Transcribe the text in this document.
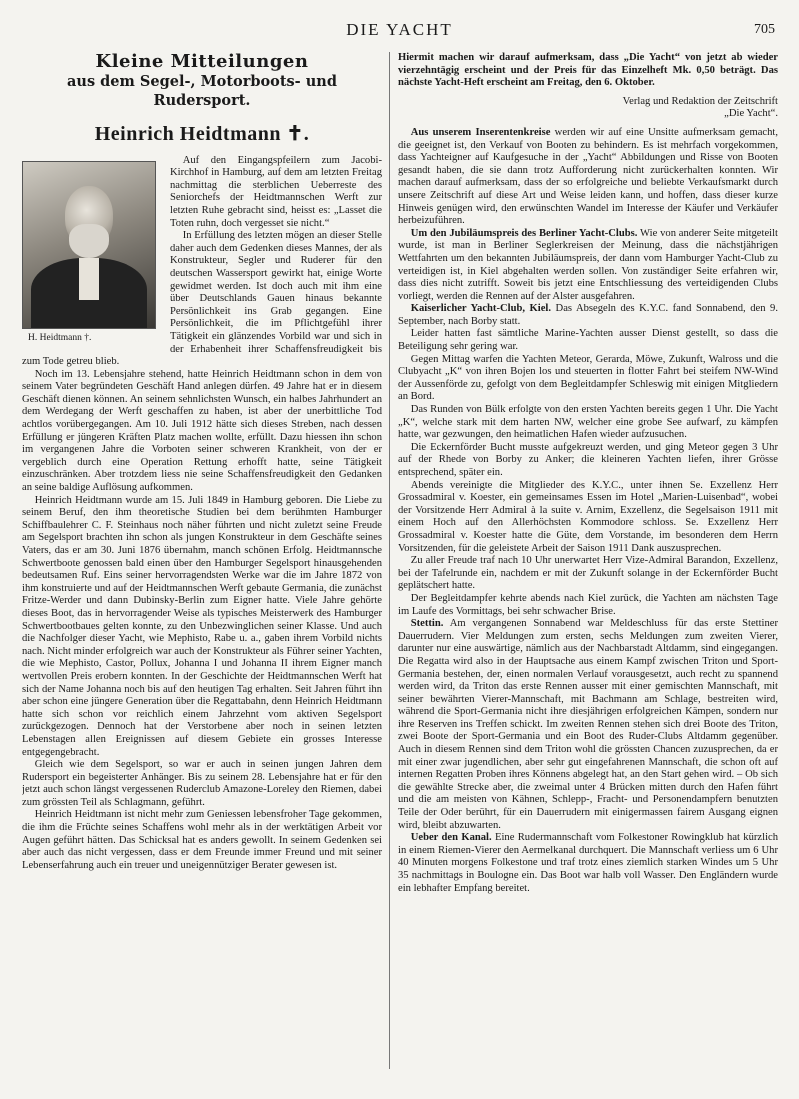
DIE YACHT	705
Kleine Mitteilungen
aus dem Segel-, Motorboots- und Rudersport.
Heinrich Heidtmann ✝.
H. Heidtmann †.

Auf den Eingangspfeilern zum Jacobi-Kirchhof in Hamburg, auf dem am letzten Freitag nachmittag die sterblichen Ueberreste des Seniorchefs der Heidtmannschen Werft zur letzten Ruhe gebracht sind, heisst es: „Lasset die Toten ruhn, doch vergesset sie nicht.“

In Erfüllung des letzten mögen an dieser Stelle daher auch dem Gedenken dieses Mannes, der als Konstrukteur, Segler und Ruderer für den deutschen Wassersport gewirkt hat, einige Worte gewidmet werden. Ist doch auch mit ihm eine über Deutschlands Gauen hinaus bekannte Persönlichkeit ins Grab gegangen. Eine Persönlichkeit, die im Pflichtgefühl ihrer Tätigkeit ein glänzendes Vorbild war und sich in der Erhabenheit ihrer Schaffensfreudigkeit bis zum Tode getreu blieb.

Noch im 13. Lebensjahre stehend, hatte Heinrich Heidtmann schon in dem von seinem Vater begründeten Geschäft Hand anlegen dürfen. 49 Jahre hat er in diesem Geschäft dienen können. An seinem sehnlichsten Wunsch, ein halbes Jahrhundert an dem Werdegang der Werft geschaffen zu haben, ist aber der unerbittliche Tod achtlos vorübergegangen. Am 10. Juli 1912 hätte sich dieses Streben, nach dessen Erfüllung er jüngeren Kräften Platz machen wollte, erfüllt. Dazu hiessen ihn schon im vergangenen Jahre die Vorboten seiner schweren Krankheit, von der er vergeblich durch eine Operation Rettung erhofft hatte, seine Tätigkeit einzuschränken. Aber trotzdem liess nie seine Schaffensfreudigkeit den Gedanken an seine baldige Auflösung aufkommen.

Heinrich Heidtmann wurde am 15. Juli 1849 in Hamburg geboren. Die Liebe zu seinem Beruf, den ihm theoretische Studien bei dem berühmten Hamburger Schiffbaulehrer C. F. Steinhaus noch näher führten und nicht zuletzt seine Freude am Segelsport brachten ihn schon als jungen Konstrukteur in dem Geschäfte seines Vaters, das er am 30. Juni 1876 übernahm, manch schönen Erfolg. Heidtmannsche Schwertboote genossen bald einen über den Hamburger Segelsport hinausgehenden bedeutsamen Ruf. Eins seiner hervorragendsten Werke war die im Jahre 1872 von ihm konstruierte und auf der Heidtmannschen Werft gebaute Germania, die zunächst Fritze-Werder und dann Dubinsky-Berlin zum Eigner hatte. Viele Jahre gehörte dieses Boot, das in hervorragender Weise als typisches Meisterwerk des Hamburger Schwertbootbaues gelten konnte, zu den Unbezwinglichen seiner Klasse. Und auch die Nachfolger dieser Yacht, wie Mephisto, Rabe u. a., gaben ihrem Vorbild nichts nach. Nicht minder erfolgreich war auch der Konstrukteur als Führer seiner Yachten, die wie Mephisto, Castor, Pollux, Johanna I und Johanna II ihrem Eigner manch wertvollen Preis erobern konnten. In der Geschichte der Heidtmannschen Werft hat sich der Name Johanna noch bis auf den heutigen Tag erhalten. Seit Jahren führt ihn aber schon eine jüngere Generation über die Regattabahn, denn Heinrich Heidtmann hatte sich schon vor reichlich einem Jahrzehnt vom aktiven Segelsport zurückgezogen. Dennoch hat der Verstorbene aber noch in seinen letzten Lebenstagen allen Ereignissen auf diesem Gebiete ein grosses Interesse entgegengebracht.

Gleich wie dem Segelsport, so war er auch in seinen jungen Jahren dem Rudersport ein begeisterter Anhänger. Bis zu seinem 28. Lebensjahre hat er für den jetzt auch schon längst vergessenen Ruderclub Amazone-Loreley den Riemen, dabei zum grössten Teil als Schlagmann, geführt.

Heinrich Heidtmann ist nicht mehr zum Geniessen lebensfroher Tage gekommen, die ihm die Früchte seines Schaffens wohl mehr als in der werktätigen Arbeit vor Augen geführt hätten. Das Schicksal hat es anders gewollt. In seinem Gedenken sei aber auch das nicht vergessen, dass er dem Freunde immer Freund und mit seiner Lebenserfahrung auch ein treuer und uneigennütziger Berater gewesen ist.

Hiermit machen wir darauf aufmerksam, dass „Die Yacht“ von jetzt ab wieder vierzehntägig erscheint und der Preis für das Einzelheft Mk. 0,50 beträgt. Das nächste Yacht-Heft erscheint am Freitag, den 6. Oktober.

Verlag und Redaktion der Zeitschrift
„Die Yacht“.

Aus unserem Inserentenkreise werden wir auf eine Unsitte aufmerksam gemacht, die geeignet ist, den Verkauf von Booten zu behindern. Es ist mehrfach vorgekommen, dass Yachteigner auf Kaufgesuche in der „Yacht“ Abbildungen und Risse von Booten gesandt haben, die sie dann trotz Aufforderung nicht zurückerhalten konnten. Wir machen darauf aufmerksam, dass der so erfolgreiche und beliebte Verkaufsmarkt durch unsere Zeitschrift auf diese Art und Weise leiden kann, und hoffen, dass dieser kurze Hinweis genügen wird, den erwünschten Wandel im Interesse der Käufer und Verkäufer herbeizuführen.

Um den Jubiläumspreis des Berliner Yacht-Clubs. Wie von anderer Seite mitgeteilt wurde, ist man in Berliner Seglerkreisen der Meinung, dass die nächstjährigen Wettfahrten um den bekannten Jubiläumspreis, der dann vom Hamburger Yacht-Club zu verteidigen ist, in Kiel abgehalten werden sollen. Von zuständiger Seite erfahren wir, dass dies nicht zutrifft. Soweit bis jetzt eine Entschliessung des verteidigenden Clubs vorliegt, werden die Rennen auf der Alster ausgefahren.

Kaiserlicher Yacht-Club, Kiel. Das Absegeln des K.Y.C. fand Sonnabend, den 9. September, nach Borby statt.

Leider hatten fast sämtliche Marine-Yachten ausser Dienst gestellt, so dass die Beteiligung sehr gering war.

Gegen Mittag warfen die Yachten Meteor, Gerarda, Möwe, Zukunft, Walross und die Clubyacht „K“ von ihren Bojen los und steuerten in flotter Fahrt bei steifem NW-Wind der Aussenförde zu, gefolgt von dem Begleitdampfer Schleswig mit einigen Mitgliedern an Bord.

Das Runden von Bülk erfolgte von den ersten Yachten bereits gegen 1 Uhr. Die Yacht „K“, welche stark mit dem harten NW, welcher eine grobe See aufwarf, zu kämpfen hatte, war gezwungen, den heimatlichen Hafen wieder aufzusuchen.

Die Eckernförder Bucht musste aufgekreuzt werden, und ging Meteor gegen 3 Uhr auf der Rhede von Borby zu Anker; die kleineren Yachten liefen, ihrer Grösse entsprechend, später ein.

Abends vereinigte die Mitglieder des K.Y.C., unter ihnen Se. Exzellenz Herr Grossadmiral v. Koester, ein gemeinsames Essen im Hotel „Marien-Luisenbad“, wobei der Vorsitzende Herr Admiral à la suite v. Arnim, Exzellenz, die Segelsaison 1911 mit einem Hoch auf den Allerhöchsten Kommodore schloss. Se. Exzellenz Herr Grossadmiral v. Koester hatte die Güte, dem Vorstande, im besonderen dem Herrn Vorsitzenden, für die geleistete Arbeit der Saison 1911 Dank auszusprechen.

Zu aller Freude traf nach 10 Uhr unerwartet Herr Vize-Admiral Barandon, Exzellenz, bei der Tafelrunde ein, nachdem er mit der Zukunft solange in der Eckernförder Bucht geplätschert hatte.

Der Begleitdampfer kehrte abends nach Kiel zurück, die Yachten am nächsten Tage im Laufe des Vormittags, bei sehr schwacher Brise.

Stettin. Am vergangenen Sonnabend war Meldeschluss für das erste Stettiner Dauerrudern. Vier Meldungen zum ersten, sechs Meldungen zum zweiten Vierer, darunter nur eine auswärtige, nämlich aus der Nachbarstadt Altdamm, sind eingegangen. Die Regatta wird also in der Hauptsache aus einem Kampf zwischen Triton und Sport-Germania bestehen, der, einen normalen Verlauf vorausgesetzt, auch recht zu spannend werden wird, da Triton das erste Rennen ausser mit einer gemischten Mannschaft, mit seiner bewährten Vierer-Mannschaft, mit Bachmann am Schlage, bestreiten wird, während die Sport-Germania nicht ihre diesjährigen erfolgreichen Kämpen, sondern nur ihre Reserven ins Treffen schickt. Im zweiten Rennen stehen sich drei Boote des Triton, zwei Boote der Sport-Germania und ein Boot des Ruder-Clubs Altdamm gegenüber. Auch in diesem Rennen sind dem Triton wohl die grössten Chancen zuzusprechen, da er mit einer zwar jugendlichen, aber sehr gut eingefahrenen Mannschaft, die schon oft auf internen Regatten Proben ihres Könnens abgelegt hat, an den Start gehen wird. – Ob sich die gewählte Strecke aber, die zweimal unter 4 Brücken mitten durch den Hafen führt und die am meisten von Kähnen, Schlepp-, Fracht- und Personendampfern benutzten Teile der Oder berührt, für ein Dauerrudern mit einigermassen fairem Ausgang eignen wird, bleibt abzuwarten.

Ueber den Kanal. Eine Rudermannschaft vom Folkestoner Rowingklub hat kürzlich in einem Riemen-Vierer den Aermelkanal durchquert. Die Mannschaft verliess um 6 Uhr 40 Minuten morgens Folkestone und traf trotz eines ziemlich starken Windes um 5 Uhr 35 nachmittags in Boulogne ein. Das Boot war halb voll Wasser. Den Engländern wurde ein lebhafter Empfang bereitet.
